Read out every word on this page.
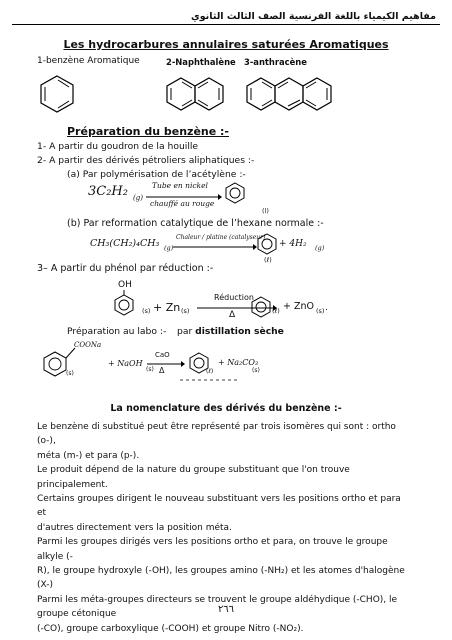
مفاهيم الكيمياء باللغة الفرنسية الصف الثالث الثانوي
Les hydrocarbures annulaires saturées Aromatiques
1-benzène Aromatique	2-Naphthalène 3-anthracène
Préparation du benzène :-
1- A partir du goudron de la houille
2- A partir des dérivés pétroliers aliphatiques :-
(a) Par polymérisation de l’acétylène :-
3C₂H₂ (g)
Tube en nickel
chauffé au rouge
(l)
(b) Par reformation catalytique de l’hexane normale :-
CH₃(CH₂)₄CH₃ (g)
Chaleur / platine (catalyseur)
(ℓ)
+ 4H₂ (g)
3– A partir du phénol par réduction :-
OH
(s) + Zn (s)
Réduction
Δ	(ℓ) + ZnO (s) .
Préparation au labo :- par distillation sèche
COONa
(s)
+ NaOH
(s)
CaO
Δ	(ℓ)
+ Na₂CO₃
(s)
La nomenclature des dérivés du benzène :-

Le benzène di substitué peut être représenté par trois isomères qui sont : ortho (o-),

méta (m-) et para (p-).

Le produit dépend de la nature du groupe substituant que l'on trouve principalement.

Certains groupes dirigent le nouveau substituant vers les positions ortho et para et

d'autres directement vers la position méta.

Parmi les groupes dirigés vers les positions ortho et para, on trouve le groupe alkyle (-

R), le groupe hydroxyle (-OH), les groupes amino (-NH₂) et les atomes d'halogène (X-)

Parmi les méta-groupes directeurs se trouvent le groupe aldéhydique (-CHO), le

groupe cétonique

(-CO), groupe carboxylique (-COOH) et groupe Nitro (-NO₂).

٢٦٦
